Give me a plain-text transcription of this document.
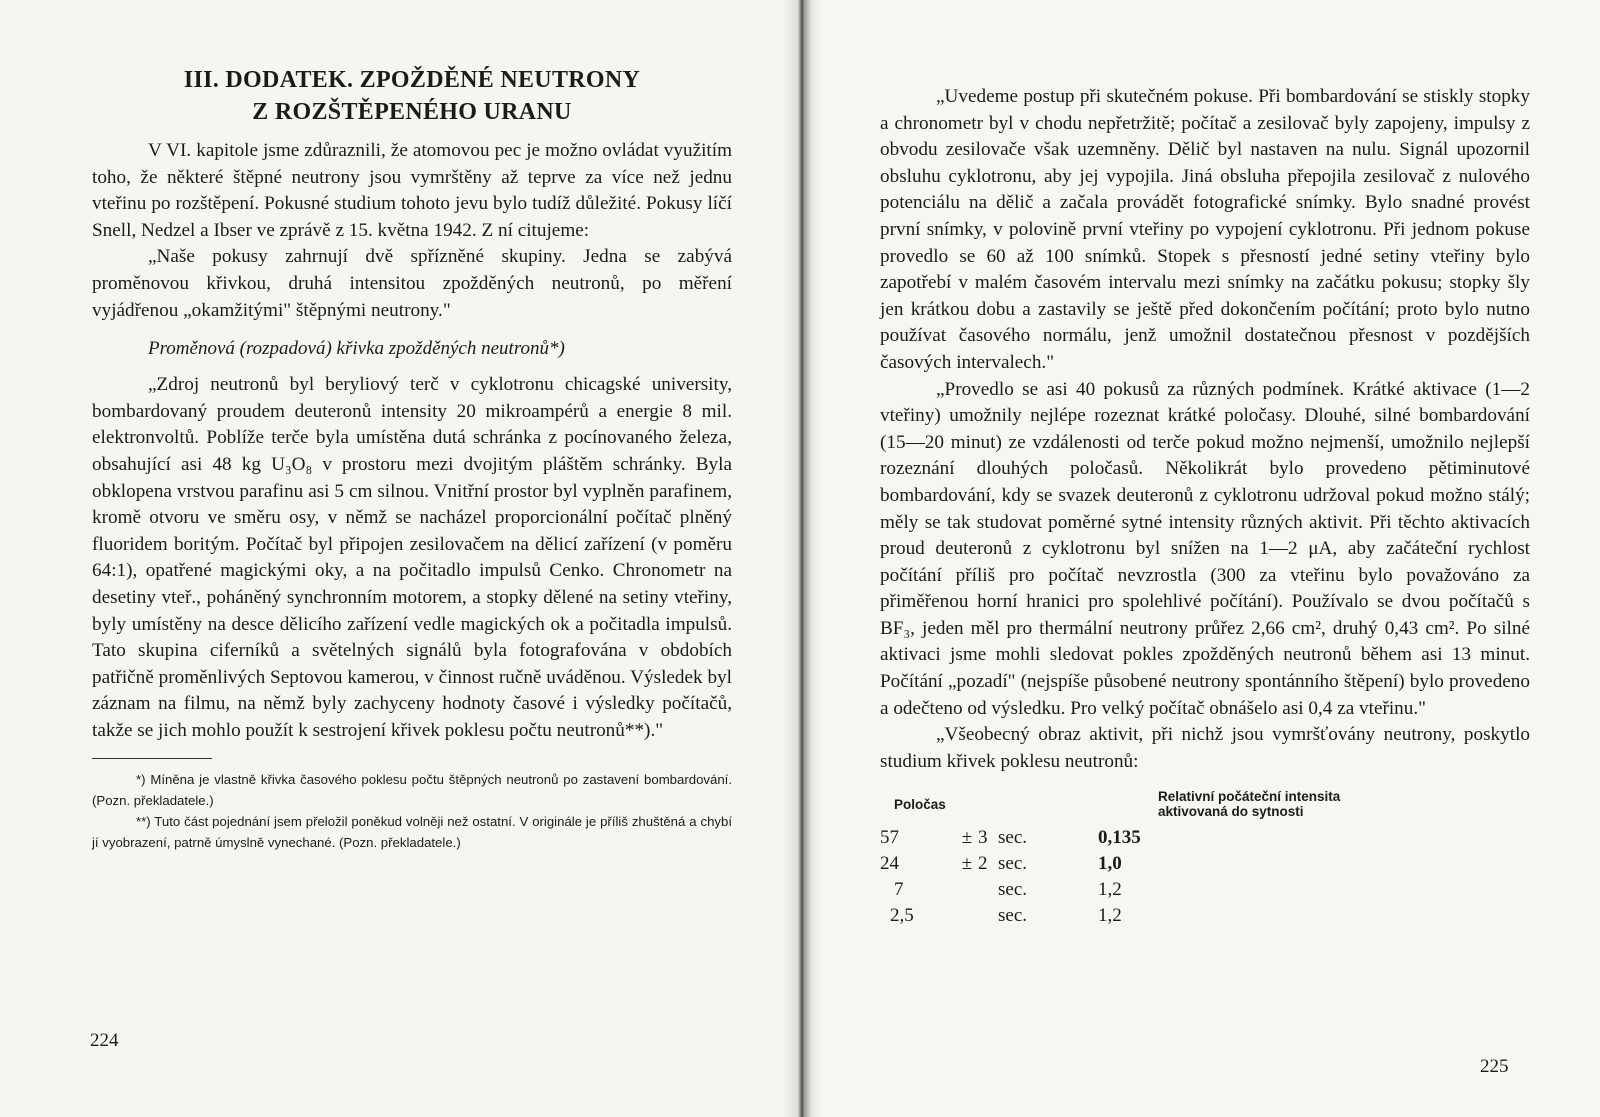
III. DODATEK. ZPOŽDĚNÉ NEUTRONY
Z ROZŠTĚPENÉHO URANU

V VI. kapitole jsme zdůraznili, že atomovou pec je možno ovládat využitím toho, že některé štěpné neutrony jsou vymrštěny až teprve za více než jednu vteřinu po rozštěpení. Pokusné studium tohoto jevu bylo tudíž důležité. Pokusy líčí Snell, Nedzel a Ibser ve zprávě z 15. května 1942. Z ní citujeme:

„Naše pokusy zahrnují dvě spřízněné skupiny. Jedna se zabývá proměnovou křivkou, druhá intensitou zpožděných neutronů, po měření vyjádřenou „okamžitými" štěpnými neutrony."

Proměnová (rozpadová) křivka zpožděných neutronů*)

„Zdroj neutronů byl beryliový terč v cyklotronu chicagské university, bombardovaný proudem deuteronů intensity 20 mikroampérů a energie 8 mil. elektronvoltů. Poblíže terče byla umístěna dutá schránka z pocínovaného železa, obsahující asi 48 kg U₃O₈ v prostoru mezi dvojitým pláštěm schránky. Byla obklopena vrstvou parafinu asi 5 cm silnou. Vnitřní prostor byl vyplněn parafinem, kromě otvoru ve směru osy, v němž se nacházel proporcionální počítač plněný fluoridem boritým. Počítač byl připojen zesilovačem na dělicí zařízení (v poměru 64:1), opatřené magickými oky, a na počitadlo impulsů Cenko. Chronometr na desetiny vteř., poháněný synchronním motorem, a stopky dělené na setiny vteřiny, byly umístěny na desce dělicího zařízení vedle magických ok a počitadla impulsů. Tato skupina ciferníků a světelných signálů byla fotografována v obdobích patřičně proměnlivých Septovou kamerou, v činnost ručně uváděnou. Výsledek byl záznam na filmu, na němž byly zachyceny hodnoty časové i výsledky počítačů, takže se jich mohlo použít k sestrojení křivek poklesu počtu neutronů**)."

*) Míněna je vlastně křivka časového poklesu počtu štěpných neutronů po zastavení bombardování. (Pozn. překladatele.)

**) Tuto část pojednání jsem přeložil poněkud volněji než ostatní. V originále je příliš zhuštěná a chybí jí vyobrazení, patrně úmyslně vynechané. (Pozn. překladatele.)

224

„Uvedeme postup při skutečném pokuse. Při bombardování se stiskly stopky a chronometr byl v chodu nepřetržitě; počítač a zesilovač byly zapojeny, impulsy z obvodu zesilovače však uzemněny. Dělič byl nastaven na nulu. Signál upozornil obsluhu cyklotronu, aby jej vypojila. Jiná obsluha přepojila zesilovač z nulového potenciálu na dělič a začala provádět fotografické snímky. Bylo snadné provést první snímky, v polovině první vteřiny po vypojení cyklotronu. Při jednom pokuse provedlo se 60 až 100 snímků. Stopek s přesností jedné setiny vteřiny bylo zapotřebí v malém časovém intervalu mezi snímky na začátku pokusu; stopky šly jen krátkou dobu a zastavily se ještě před dokončením počítání; proto bylo nutno používat časového normálu, jenž umožnil dostatečnou přesnost v pozdějších časových intervalech."

„Provedlo se asi 40 pokusů za různých podmínek. Krátké aktivace (1—2 vteřiny) umožnily nejlépe rozeznat krátké poločasy. Dlouhé, silné bombardování (15—20 minut) ze vzdálenosti od terče pokud možno nejmenší, umožnilo nejlepší rozeznání dlouhých poločasů. Několikrát bylo provedeno pětiminutové bombardování, kdy se svazek deuteronů z cyklotronu udržoval pokud možno stálý; měly se tak studovat poměrné sytné intensity různých aktivit. Při těchto aktivacích proud deuteronů z cyklotronu byl snížen na 1—2 μA, aby začáteční rychlost počítání příliš pro počítač nevzrostla (300 za vteřinu bylo považováno za přiměřenou horní hranici pro spolehlivé počítání). Používalo se dvou počítačů s BF₃, jeden měl pro thermální neutrony průřez 2,66 cm², druhý 0,43 cm². Po silné aktivaci jsme mohli sledovat pokles zpožděných neutronů během asi 13 minut. Počítání „pozadí" (nejspíše působené neutrony spontánního štěpení) bylo provedeno a odečteno od výsledku. Pro velký počítač obnášelo asi 0,4 za vteřinu."

„Všeobecný obraz aktivit, při nichž jsou vymršťovány neutrony, poskytlo studium křivek poklesu neutronů:

Poločas				Relativní počáteční intensita aktivovaná do sytnosti
57	±	3	sec.	0,135
24	±	2	sec.	1,0
7			sec.	1,2
2,5			sec.	1,2
225
